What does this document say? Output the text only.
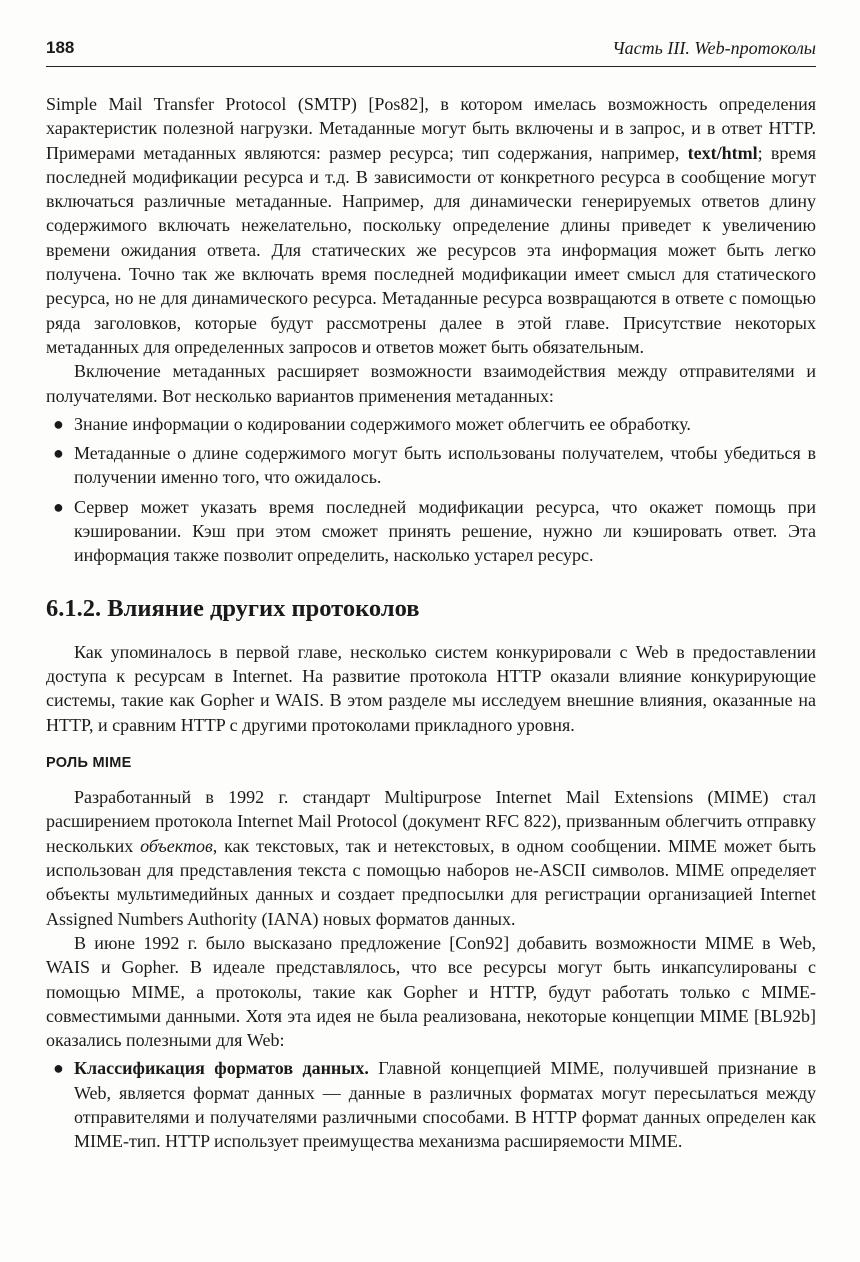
188	Часть III. Web-протоколы

Simple Mail Transfer Protocol (SMTP) [Pos82], в котором имелась возможность определения характеристик полезной нагрузки. Метаданные могут быть включены и в запрос, и в ответ HTTP. Примерами метаданных являются: размер ресурса; тип содержания, например, text/html; время последней модификации ресурса и т.д. В зависимости от конкретного ресурса в сообщение могут включаться различные метаданные. Например, для динамически генерируемых ответов длину содержимого включать нежелательно, поскольку определение длины приведет к увеличению времени ожидания ответа. Для статических же ресурсов эта информация может быть легко получена. Точно так же включать время последней модификации имеет смысл для статического ресурса, но не для динамического ресурса. Метаданные ресурса возвращаются в ответе с помощью ряда заголовков, которые будут рассмотрены далее в этой главе. Присутствие некоторых метаданных для определенных запросов и ответов может быть обязательным.

Включение метаданных расширяет возможности взаимодействия между отправителями и получателями. Вот несколько вариантов применения метаданных:

● Знание информации о кодировании содержимого может облегчить ее обработку.
● Метаданные о длине содержимого могут быть использованы получателем, чтобы убедиться в получении именно того, что ожидалось.
● Сервер может указать время последней модификации ресурса, что окажет помощь при кэшировании. Кэш при этом сможет принять решение, нужно ли кэшировать ответ. Эта информация также позволит определить, насколько устарел ресурс.
6.1.2. Влияние других протоколов

Как упоминалось в первой главе, несколько систем конкурировали с Web в предоставлении доступа к ресурсам в Internet. На развитие протокола HTTP оказали влияние конкурирующие системы, такие как Gopher и WAIS. В этом разделе мы исследуем внешние влияния, оказанные на HTTP, и сравним HTTP с другими протоколами прикладного уровня.

РОЛЬ MIME

Разработанный в 1992 г. стандарт Multipurpose Internet Mail Extensions (MIME) стал расширением протокола Internet Mail Protocol (документ RFC 822), призванным облегчить отправку нескольких объектов, как текстовых, так и нетекстовых, в одном сообщении. MIME может быть использован для представления текста с помощью наборов не-ASCII символов. MIME определяет объекты мультимедийных данных и создает предпосылки для регистрации организацией Internet Assigned Numbers Authority (IANA) новых форматов данных.

В июне 1992 г. было высказано предложение [Con92] добавить возможности MIME в Web, WAIS и Gopher. В идеале представлялось, что все ресурсы могут быть инкапсулированы с помощью MIME, а протоколы, такие как Gopher и HTTP, будут работать только с MIME-совместимыми данными. Хотя эта идея не была реализована, некоторые концепции MIME [BL92b] оказались полезными для Web:

● Классификация форматов данных. Главной концепцией MIME, получившей признание в Web, является формат данных — данные в различных форматах могут пересылаться между отправителями и получателями различными способами. В HTTP формат данных определен как MIME-тип. HTTP использует преимущества механизма расширяемости MIME.
